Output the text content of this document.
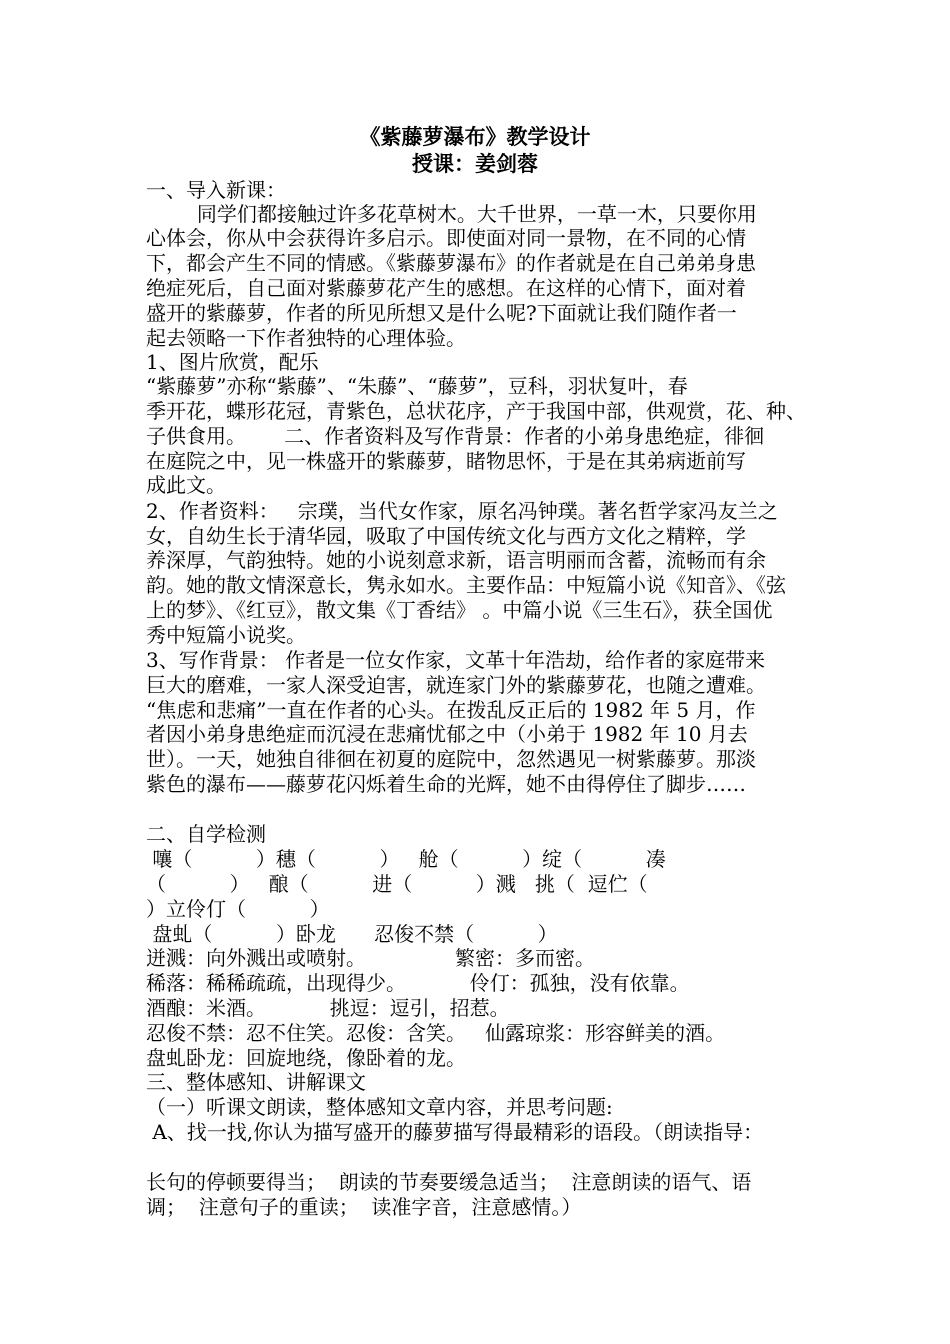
《紫藤萝瀑布》教学设计
授课：姜剑蓉
一、导入新课：
同学们都接触过许多花草树木。大千世界，一草一木，只要你用
心体会，你从中会获得许多启示。即使面对同一景物，在不同的心情
下，都会产生不同的情感。《紫藤萝瀑布》的作者就是在自己弟弟身患
绝症死后，自己面对紫藤萝花产生的感想。在这样的心情下，面对着
盛开的紫藤萝，作者的所见所想又是什么呢?下面就让我们随作者一
起去领略一下作者独特的心理体验。
1、图片欣赏，配乐
“紫藤萝”亦称“紫藤”、“朱藤”、“藤萝”，豆科，羽状复叶，春
季开花，蝶形花冠，青紫色，总状花序，产于我国中部，供观赏，花、种、
子供食用。      二、作者资料及写作背景：作者的小弟身患绝症，徘徊
在庭院之中，见一株盛开的紫藤萝，睹物思怀，于是在其弟病逝前写
成此文。
2、作者资料：   宗璞，当代女作家，原名冯钟璞。著名哲学家冯友兰之
女，自幼生长于清华园，吸取了中国传统文化与西方文化之精粹，学
养深厚，气韵独特。她的小说刻意求新，语言明丽而含蓄，流畅而有余
韵。她的散文情深意长，隽永如水。主要作品：中短篇小说《知音》、《弦
上的梦》、《红豆》，散文集《丁香结》 。中篇小说《三生石》，获全国优
秀中短篇小说奖。
3、写作背景： 作者是一位女作家，文革十年浩劫，给作者的家庭带来
巨大的磨难，一家人深受迫害，就连家门外的紫藤萝花，也随之遭难。
“焦虑和悲痛”一直在作者的心头。在拨乱反正后的 1982 年 5 月，作
者因小弟身患绝症而沉浸在悲痛忧郁之中（小弟于 1982 年 10 月去
世）。一天，她独自徘徊在初夏的庭院中，忽然遇见一树紫藤萝。那淡
紫色的瀑布——藤萝花闪烁着生命的光辉，她不由得停住了脚步……
二、自学检测
嚷（          ）穗（          ）   舱（          ）绽（          凑
（          ）   酿（          进（          ）溅   挑（  逗伫（
）立伶仃（          ）
盘虬（          ）卧龙      忍俊不禁（          ）
迸溅：向外溅出或喷射。              繁密：多而密。
稀落：稀稀疏疏，出现得少。          伶仃：孤独，没有依靠。
酒酿：米酒。          挑逗：逗引，招惹。
忍俊不禁：忍不住笑。忍俊：含笑。   仙露琼浆：形容鲜美的酒。
盘虬卧龙：回旋地绕，像卧着的龙。
三、整体感知、讲解课文
（一）听课文朗读，整体感知文章内容，并思考问题:
A、找一找,你认为描写盛开的藤萝描写得最精彩的语段。（朗读指导：
长句的停顿要得当；  朗读的节奏要缓急适当；  注意朗读的语气、语
调；  注意句子的重读；  读准字音，注意感情。）
